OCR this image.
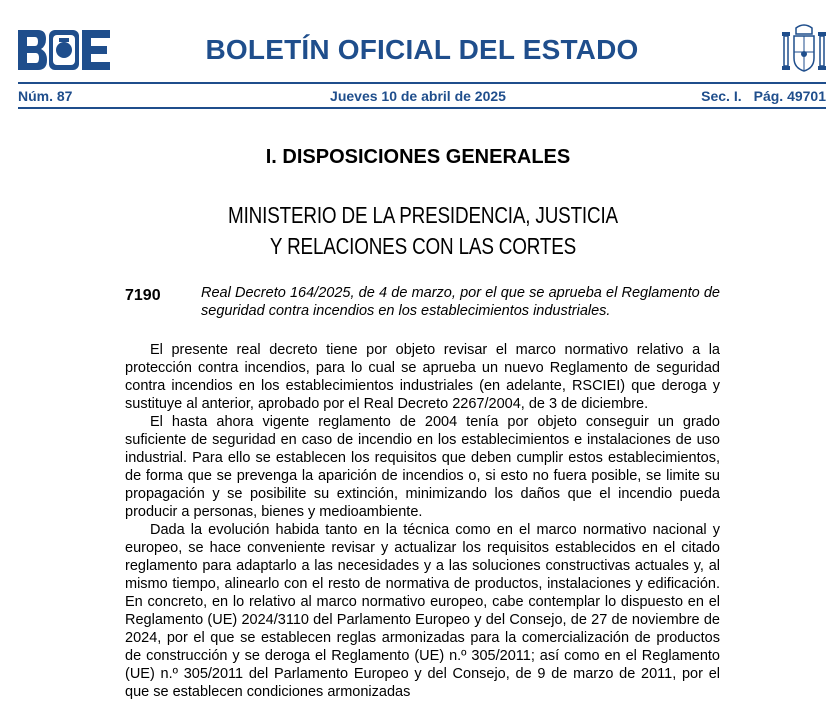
BOLETÍN OFICIAL DEL ESTADO
Núm. 87	Jueves 10 de abril de 2025	Sec. I. Pág. 49701
I. DISPOSICIONES GENERALES
MINISTERIO DE LA PRESIDENCIA, JUSTICIA
Y RELACIONES CON LAS CORTES
7190	Real Decreto 164/2025, de 4 de marzo, por el que se aprueba el Reglamento de seguridad contra incendios en los establecimientos industriales.

El presente real decreto tiene por objeto revisar el marco normativo relativo a la protección contra incendios, para lo cual se aprueba un nuevo Reglamento de seguridad contra incendios en los establecimientos industriales (en adelante, RSCIEI) que deroga y sustituye al anterior, aprobado por el Real Decreto 2267/2004, de 3 de diciembre.

El hasta ahora vigente reglamento de 2004 tenía por objeto conseguir un grado suficiente de seguridad en caso de incendio en los establecimientos e instalaciones de uso industrial. Para ello se establecen los requisitos que deben cumplir estos establecimientos, de forma que se prevenga la aparición de incendios o, si esto no fuera posible, se limite su propagación y se posibilite su extinción, minimizando los daños que el incendio pueda producir a personas, bienes y medioambiente.

Dada la evolución habida tanto en la técnica como en el marco normativo nacional y europeo, se hace conveniente revisar y actualizar los requisitos establecidos en el citado reglamento para adaptarlo a las necesidades y a las soluciones constructivas actuales y, al mismo tiempo, alinearlo con el resto de normativa de productos, instalaciones y edificación. En concreto, en lo relativo al marco normativo europeo, cabe contemplar lo dispuesto en el Reglamento (UE) 2024/3110 del Parlamento Europeo y del Consejo, de 27 de noviembre de 2024, por el que se establecen reglas armonizadas para la comercialización de productos de construcción y se deroga el Reglamento (UE) n.º 305/2011; así como en el Reglamento (UE) n.º 305/2011 del Parlamento Europeo y del Consejo, de 9 de marzo de 2011, por el que se establecen condiciones armonizadas
